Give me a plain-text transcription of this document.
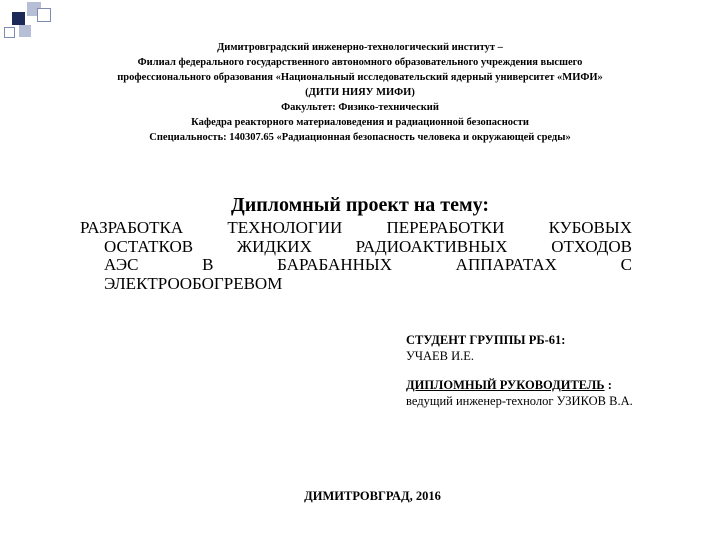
Димитровградский инженерно-технологический институт –
Филиал федерального государственного автономного образовательного учреждения высшего
профессионального образования «Национальный исследовательский ядерный университет «МИФИ»
(ДИТИ НИЯУ МИФИ)
Факультет: Физико-технический
Кафедра реакторного материаловедения и радиационной безопасности
Специальность: 140307.65 «Радиационная безопасность человека и окружающей среды»
Дипломный проект на тему:
РАЗРАБОТКА	ТЕХНОЛОГИИ	ПЕРЕРАБОТКИ	КУБОВЫХ
ОСТАТКОВ	ЖИДКИХ	РАДИОАКТИВНЫХ	ОТХОДОВ
АЭС	В	БАРАБАННЫХ	АППАРАТАХ	С
ЭЛЕКТРООБОГРЕВОМ
СТУДЕНТ ГРУППЫ РБ-61:
УЧАЕВ И.Е.
ДИПЛОМНЫЙ РУКОВОДИТЕЛЬ :
ведущий инженер-технолог УЗИКОВ В.А.
ДИМИТРОВГРАД, 2016
